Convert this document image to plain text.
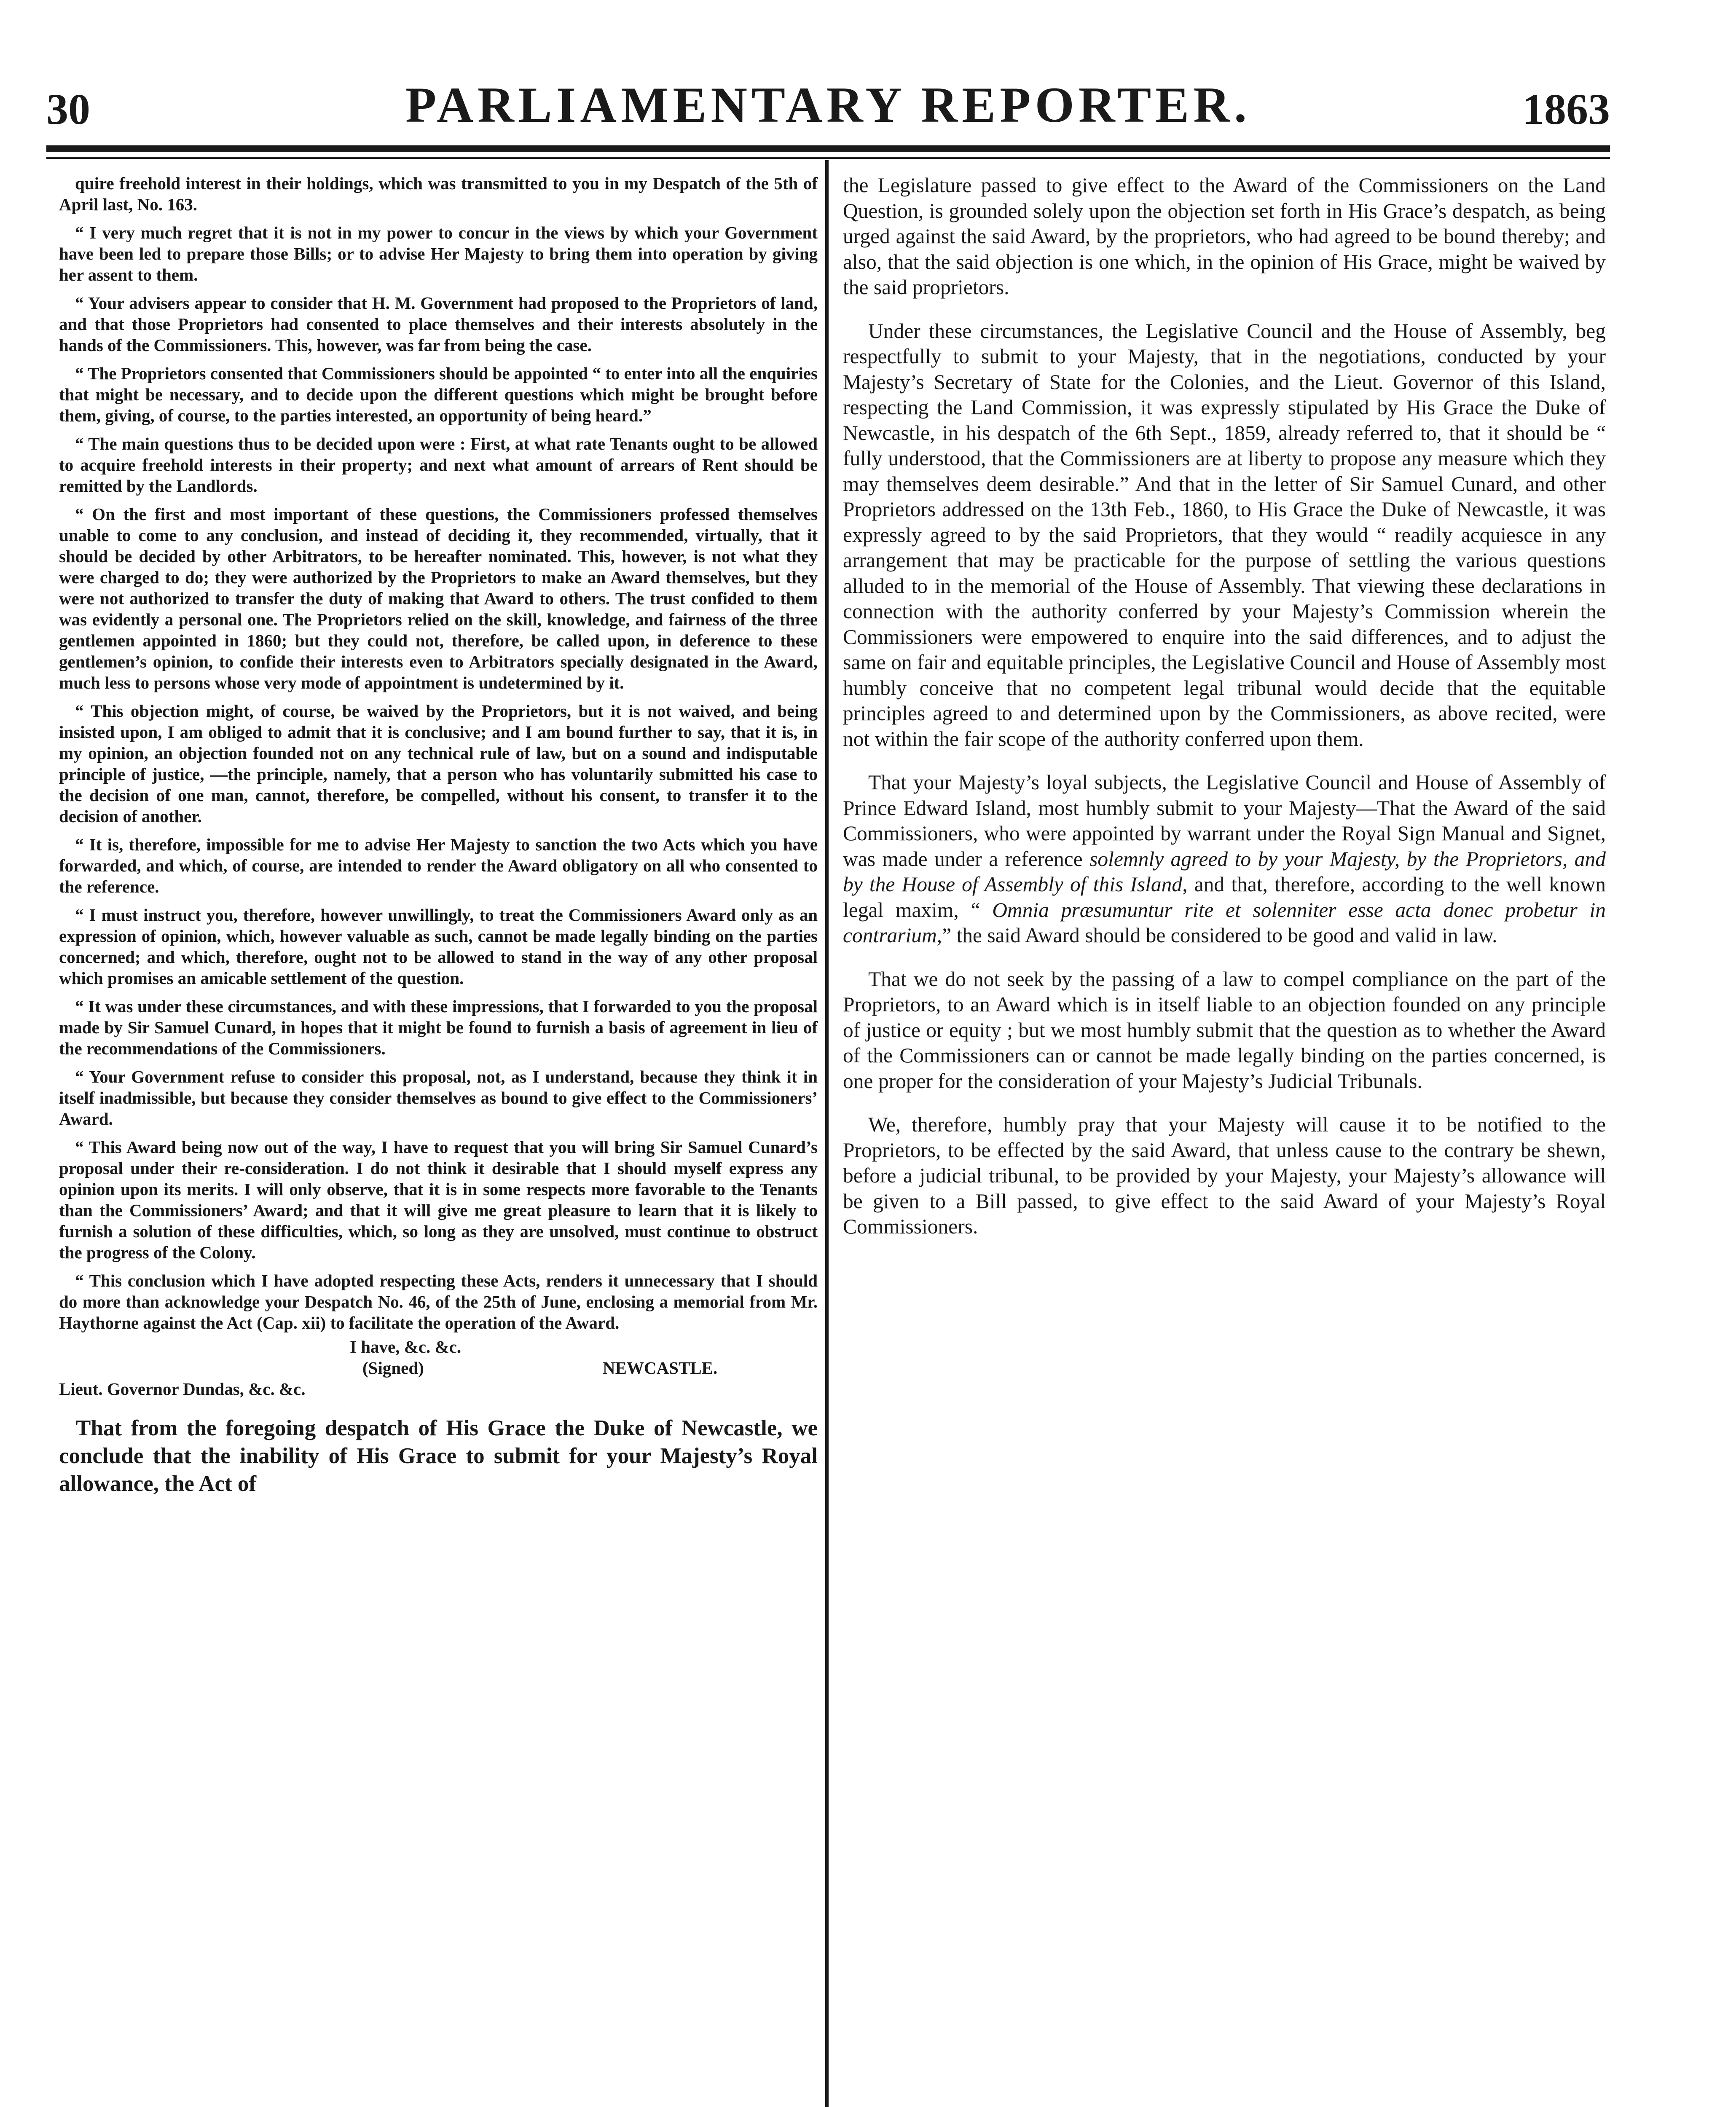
30	PARLIAMENTARY REPORTER.	1863

quire freehold interest in their holdings, which was transmitted to you in my Despatch of the 5th of April last, No. 163.

“ I very much regret that it is not in my power to concur in the views by which your Government have been led to prepare those Bills; or to advise Her Majesty to bring them into operation by giving her assent to them.

“ Your advisers appear to consider that H. M. Government had proposed to the Proprietors of land, and that those Proprietors had consented to place themselves and their interests absolutely in the hands of the Commissioners. This, however, was far from being the case.

“ The Proprietors consented that Commissioners should be appointed “ to enter into all the enquiries that might be necessary, and to decide upon the different questions which might be brought before them, giving, of course, to the parties interested, an opportunity of being heard.”

“ The main questions thus to be decided upon were : First, at what rate Tenants ought to be allowed to acquire freehold interests in their property; and next what amount of arrears of Rent should be remitted by the Landlords.

“ On the first and most important of these questions, the Commissioners professed themselves unable to come to any conclusion, and instead of deciding it, they recommended, virtually, that it should be decided by other Arbitrators, to be hereafter nominated. This, however, is not what they were charged to do; they were authorized by the Proprietors to make an Award themselves, but they were not authorized to transfer the duty of making that Award to others. The trust confided to them was evidently a personal one. The Proprietors relied on the skill, knowledge, and fairness of the three gentlemen appointed in 1860; but they could not, therefore, be called upon, in deference to these gentlemen’s opinion, to confide their interests even to Arbitrators specially designated in the Award, much less to persons whose very mode of appointment is undetermined by it.

“ This objection might, of course, be waived by the Proprietors, but it is not waived, and being insisted upon, I am obliged to admit that it is conclusive; and I am bound further to say, that it is, in my opinion, an objection founded not on any technical rule of law, but on a sound and indisputable principle of justice, —the principle, namely, that a person who has voluntarily submitted his case to the decision of one man, cannot, therefore, be compelled, without his consent, to transfer it to the decision of another.

“ It is, therefore, impossible for me to advise Her Majesty to sanction the two Acts which you have forwarded, and which, of course, are intended to render the Award obligatory on all who consented to the reference.

“ I must instruct you, therefore, however unwillingly, to treat the Commissioners Award only as an expression of opinion, which, however valuable as such, cannot be made legally binding on the parties concerned; and which, therefore, ought not to be allowed to stand in the way of any other proposal which promises an amicable settlement of the question.

“ It was under these circumstances, and with these impressions, that I forwarded to you the proposal made by Sir Samuel Cunard, in hopes that it might be found to furnish a basis of agreement in lieu of the recommendations of the Commissioners.

“ Your Government refuse to consider this proposal, not, as I understand, because they think it in itself inadmissible, but because they consider themselves as bound to give effect to the Commissioners’ Award.

“ This Award being now out of the way, I have to request that you will bring Sir Samuel Cunard’s proposal under their re-consideration. I do not think it desirable that I should myself express any opinion upon its merits. I will only observe, that it is in some respects more favorable to the Tenants than the Commissioners’ Award; and that it will give me great pleasure to learn that it is likely to furnish a solution of these difficulties, which, so long as they are unsolved, must continue to obstruct the progress of the Colony.

“ This conclusion which I have adopted respecting these Acts, renders it unnecessary that I should do more than acknowledge your Despatch No. 46, of the 25th of June, enclosing a memorial from Mr. Haythorne against the Act (Cap. xii) to facilitate the operation of the Award.

I have, &c. &c.
(Signed)	NEWCASTLE.
Lieut. Governor Dundas, &c. &c.

That from the foregoing despatch of His Grace the Duke of Newcastle, we conclude that the inability of His Grace to submit for your Majesty’s Royal allowance, the Act of

the Legislature passed to give effect to the Award of the Commissioners on the Land Question, is grounded solely upon the objection set forth in His Grace’s despatch, as being urged against the said Award, by the proprietors, who had agreed to be bound thereby; and also, that the said objection is one which, in the opinion of His Grace, might be waived by the said proprietors.

Under these circumstances, the Legislative Council and the House of Assembly, beg respectfully to submit to your Majesty, that in the negotiations, conducted by your Majesty’s Secretary of State for the Colonies, and the Lieut. Governor of this Island, respecting the Land Commission, it was expressly stipulated by His Grace the Duke of Newcastle, in his despatch of the 6th Sept., 1859, already referred to, that it should be “ fully understood, that the Commissioners are at liberty to propose any measure which they may themselves deem desirable.” And that in the letter of Sir Samuel Cunard, and other Proprietors addressed on the 13th Feb., 1860, to His Grace the Duke of Newcastle, it was expressly agreed to by the said Proprietors, that they would “ readily acquiesce in any arrangement that may be practicable for the purpose of settling the various questions alluded to in the memorial of the House of Assembly. That viewing these declarations in connection with the authority conferred by your Majesty’s Commission wherein the Commissioners were empowered to enquire into the said differences, and to adjust the same on fair and equitable principles, the Legislative Council and House of Assembly most humbly conceive that no competent legal tribunal would decide that the equitable principles agreed to and determined upon by the Commissioners, as above recited, were not within the fair scope of the authority conferred upon them.

That your Majesty’s loyal subjects, the Legislative Council and House of Assembly of Prince Edward Island, most humbly submit to your Majesty—That the Award of the said Commissioners, who were appointed by warrant under the Royal Sign Manual and Signet, was made under a reference solemnly agreed to by your Majesty, by the Proprietors, and by the House of Assembly of this Island, and that, therefore, according to the well known legal maxim, “ Omnia præsumuntur rite et solenniter esse acta donec probetur in contrarium,” the said Award should be considered to be good and valid in law.

That we do not seek by the passing of a law to compel compliance on the part of the Proprietors, to an Award which is in itself liable to an objection founded on any principle of justice or equity ; but we most humbly submit that the question as to whether the Award of the Commissioners can or cannot be made legally binding on the parties concerned, is one proper for the consideration of your Majesty’s Judicial Tribunals.

We, therefore, humbly pray that your Majesty will cause it to be notified to the Proprietors, to be effected by the said Award, that unless cause to the contrary be shewn, before a judicial tribunal, to be provided by your Majesty, your Majesty’s allowance will be given to a Bill passed, to give effect to the said Award of your Majesty’s Royal Commissioners.
